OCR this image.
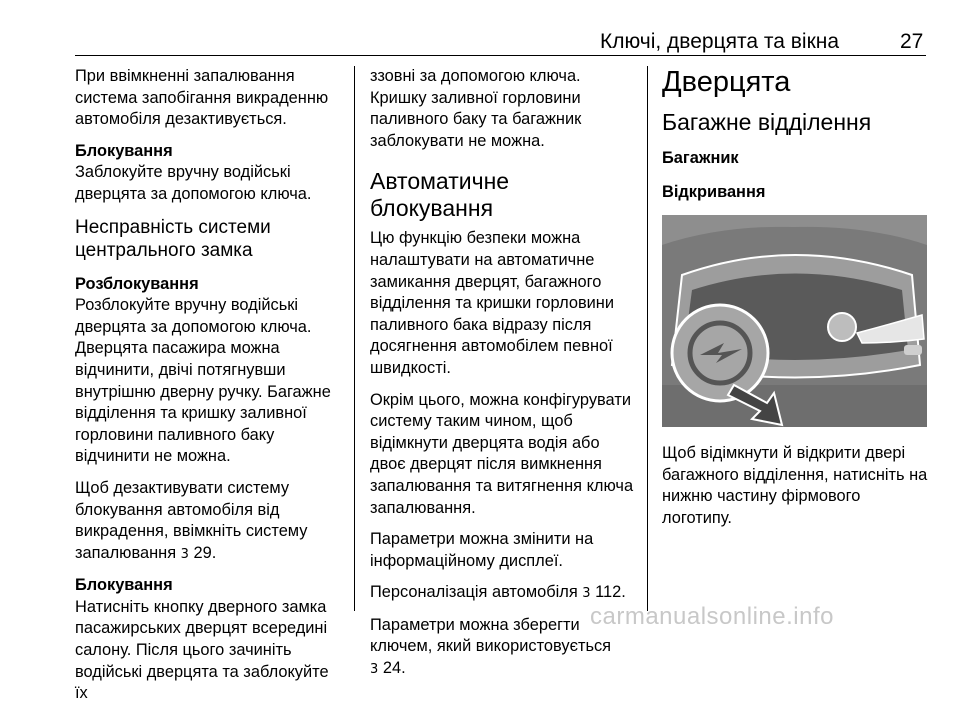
Ключі, дверцята та вікна	27

При ввімкненні запалювання система запобігання викраденню автомобіля дезактивується.

Блокування

Заблокуйте вручну водійські дверцята за допомогою ключа.

Несправність системи центрального замка

Розблокування

Розблокуйте вручну водійські дверцята за допомогою ключа. Дверцята пасажира можна відчинити, двічі потягнувши внутрішню дверну ручку. Багажне відділення та кришку заливної горловини паливного баку відчинити не можна.

Щоб дезактивувати систему блокування автомобіля від викрадення, ввімкніть систему запалювання 3 29.

Блокування

Натисніть кнопку дверного замка пасажирських дверцят всередині салону. Після цього зачиніть водійські дверцята та заблокуйте їх

ззовні за допомогою ключа. Кришку заливної горловини паливного баку та багажник заблокувати не можна.

Автоматичне блокування

Цю функцію безпеки можна налаштувати на автоматичне замикання дверцят, багажного відділення та кришки горловини паливного бака відразу після досягнення автомобілем певної швидкості.

Окрім цього, можна конфігурувати систему таким чином, щоб відімкнути дверцята водія або двоє дверцят після вимкнення запалювання та витягнення ключа запалювання.

Параметри можна змінити на інформаційному дисплеї.

Персоналізація автомобіля 3 112.

Параметри можна зберегти ключем, який використовується
3 24.

Дверцята

Багажне відділення

Багажник

Відкривання

Щоб відімкнути й відкрити двері багажного відділення, натисніть на нижню частину фірмового логотипу.

carmanualsonline.info
